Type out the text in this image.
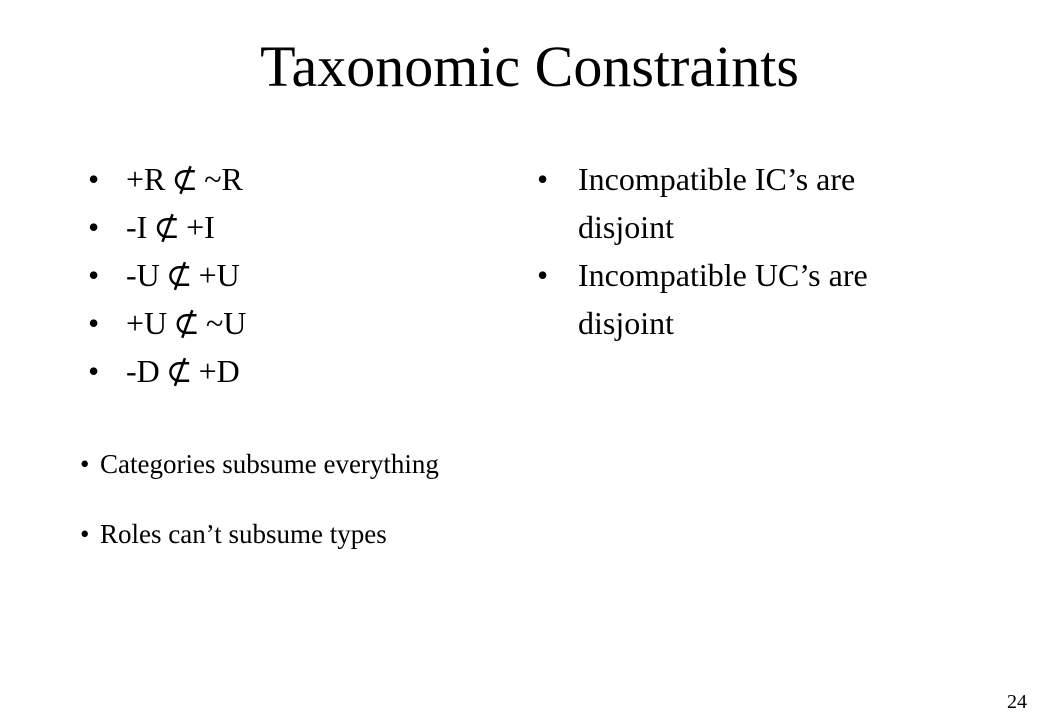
Taxonomic Constraints
• +R ⊄ ~R
• -I ⊄ +I
• -U ⊄ +U
• +U ⊄ ~U
• -D ⊄ +D
• Incompatible IC’s are disjoint
• Incompatible UC’s are disjoint
• Categories subsume everything
• Roles can’t subsume types
24
